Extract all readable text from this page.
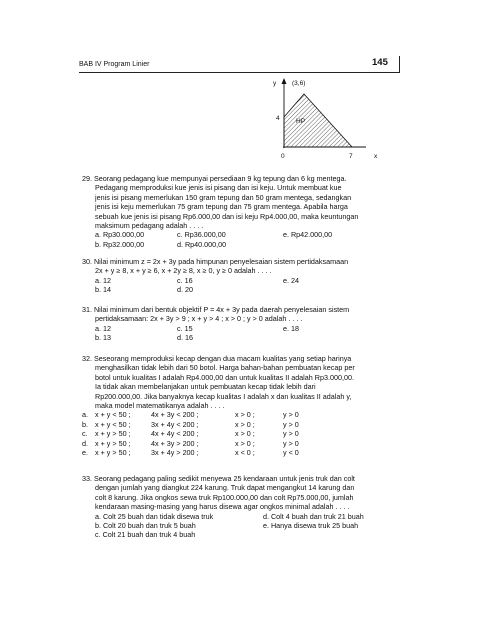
BAB IV Program Linier	145
y (3,6)
4	HP
0	7	x

29. Seorang pedagang kue mempunyai persediaan 9 kg tepung dan 6 kg mentega.

Pedagang memproduksi kue jenis isi pisang dan isi keju. Untuk membuat kue

jenis isi pisang memerlukan 150 gram tepung dan 50 gram mentega, sedangkan

jenis isi keju memerlukan 75 gram tepung dan 75 gram mentega. Apabila harga

sebuah kue jenis isi pisang Rp6.000,00 dan isi keju Rp4.000,00, maka keuntungan

maksimum pedagang adalah . . . .

a. Rp30.000,00	c. Rp36.000,00	e. Rp42.000,00
b. Rp32.000,00	d. Rp40.000,00

30. Nilai minimum z = 2x + 3y pada himpunan penyelesaian sistem pertidaksamaan

2x + y ≥ 8, x + y ≥ 6, x + 2y ≥ 8, x ≥ 0, y ≥ 0 adalah . . . .

a. 12	c. 16	e. 24
b. 14	d. 20

31. Nilai minimum dari bentuk objektif P = 4x + 3y pada daerah penyelesaian sistem

pertidaksamaan: 2x + 3y > 9 ; x + y > 4 ; x > 0 ; y > 0 adalah . . . .

a. 12	c. 15	e. 18
b. 13	d. 16

32. Seseorang memproduksi kecap dengan dua macam kualitas yang setiap harinya

menghasilkan tidak lebih dari 50 botol. Harga bahan-bahan pembuatan kecap per

botol untuk kualitas I adalah Rp4.000,00 dan untuk kualitas II adalah Rp3.000,00.

Ia tidak akan membelanjakan untuk pembuatan kecap tidak lebih dari

Rp200.000,00. Jika banyaknya kecap kualitas I adalah x dan kualitas II adalah y,

maka model matematikanya adalah . . . .

a. x + y < 50 ;	4x + 3y < 200 ;	x > 0 ;	y > 0
b. x + y < 50 ;	3x + 4y < 200 ;	x > 0 ;	y > 0
c.	x + y > 50 ;	4x + 4y < 200 ;	x > 0 ;	y > 0
d. x + y > 50 ;	4x + 3y > 200 ;	x > 0 ;	y > 0
e. x + y > 50 ;	3x + 4y > 200 ;	x < 0 ;	y < 0

33. Seorang pedagang paling sedikit menyewa 25 kendaraan untuk jenis truk dan colt

dengan jumlah yang diangkut 224 karung. Truk dapat mengangkut 14 karung dan

colt 8 karung. Jika ongkos sewa truk Rp100.000,00 dan colt Rp75.000,00, jumlah

kendaraan masing-masing yang harus disewa agar ongkos minimal adalah . . . .

a. Colt 25 buah dan tidak disewa truk	d. Colt 4 buah dan truk 21 buah
b. Colt 20 buah dan truk 5 buah	e. Hanya disewa truk 25 buah
c. Colt 21 buah dan truk 4 buah
